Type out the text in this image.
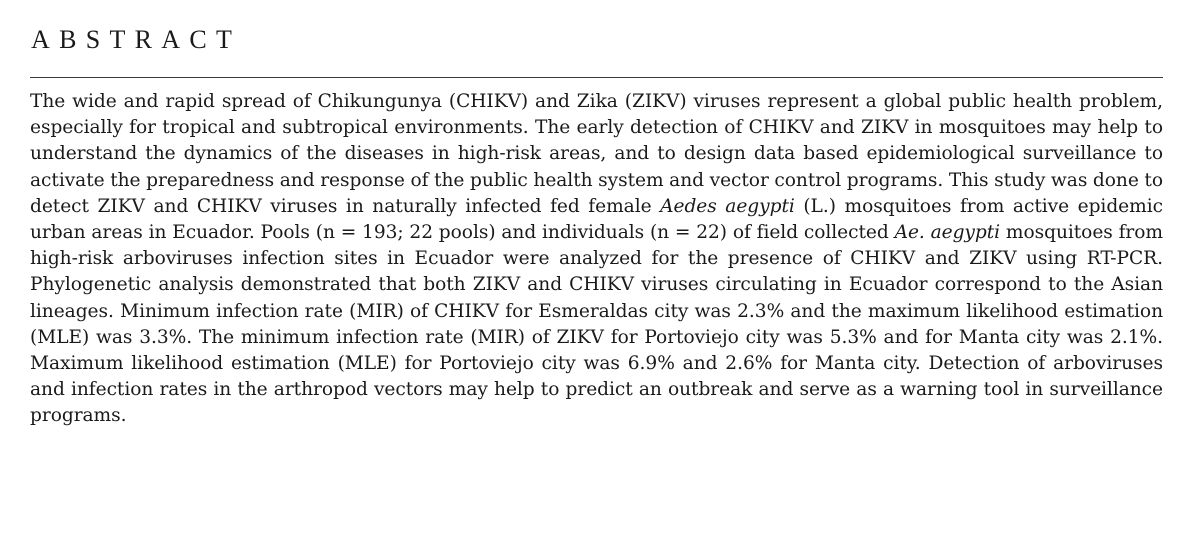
ABSTRACT

The wide and rapid spread of Chikungunya (CHIKV) and Zika (ZIKV) viruses represent a global public health problem, especially for tropical and subtropical environments. The early detection of CHIKV and ZIKV in mosquitoes may help to understand the dynamics of the diseases in high-risk areas, and to design data based epidemiological surveillance to activate the preparedness and response of the public health system and vector control programs. This study was done to detect ZIKV and CHIKV viruses in naturally infected fed female Aedes aegypti (L.) mosquitoes from active epidemic urban areas in Ecuador. Pools (n = 193; 22 pools) and individuals (n = 22) of field collected Ae. aegypti mosquitoes from high-risk arboviruses infection sites in Ecuador were analyzed for the presence of CHIKV and ZIKV using RT-PCR. Phylogenetic analysis demonstrated that both ZIKV and CHIKV viruses circulating in Ecuador correspond to the Asian lineages. Minimum infection rate (MIR) of CHIKV for Esmeraldas city was 2.3% and the maximum likelihood estimation (MLE) was 3.3%. The minimum infection rate (MIR) of ZIKV for Portoviejo city was 5.3% and for Manta city was 2.1%. Maximum likelihood estimation (MLE) for Portoviejo city was 6.9% and 2.6% for Manta city. Detection of arboviruses and infection rates in the arthropod vectors may help to predict an outbreak and serve as a warning tool in surveillance programs.
